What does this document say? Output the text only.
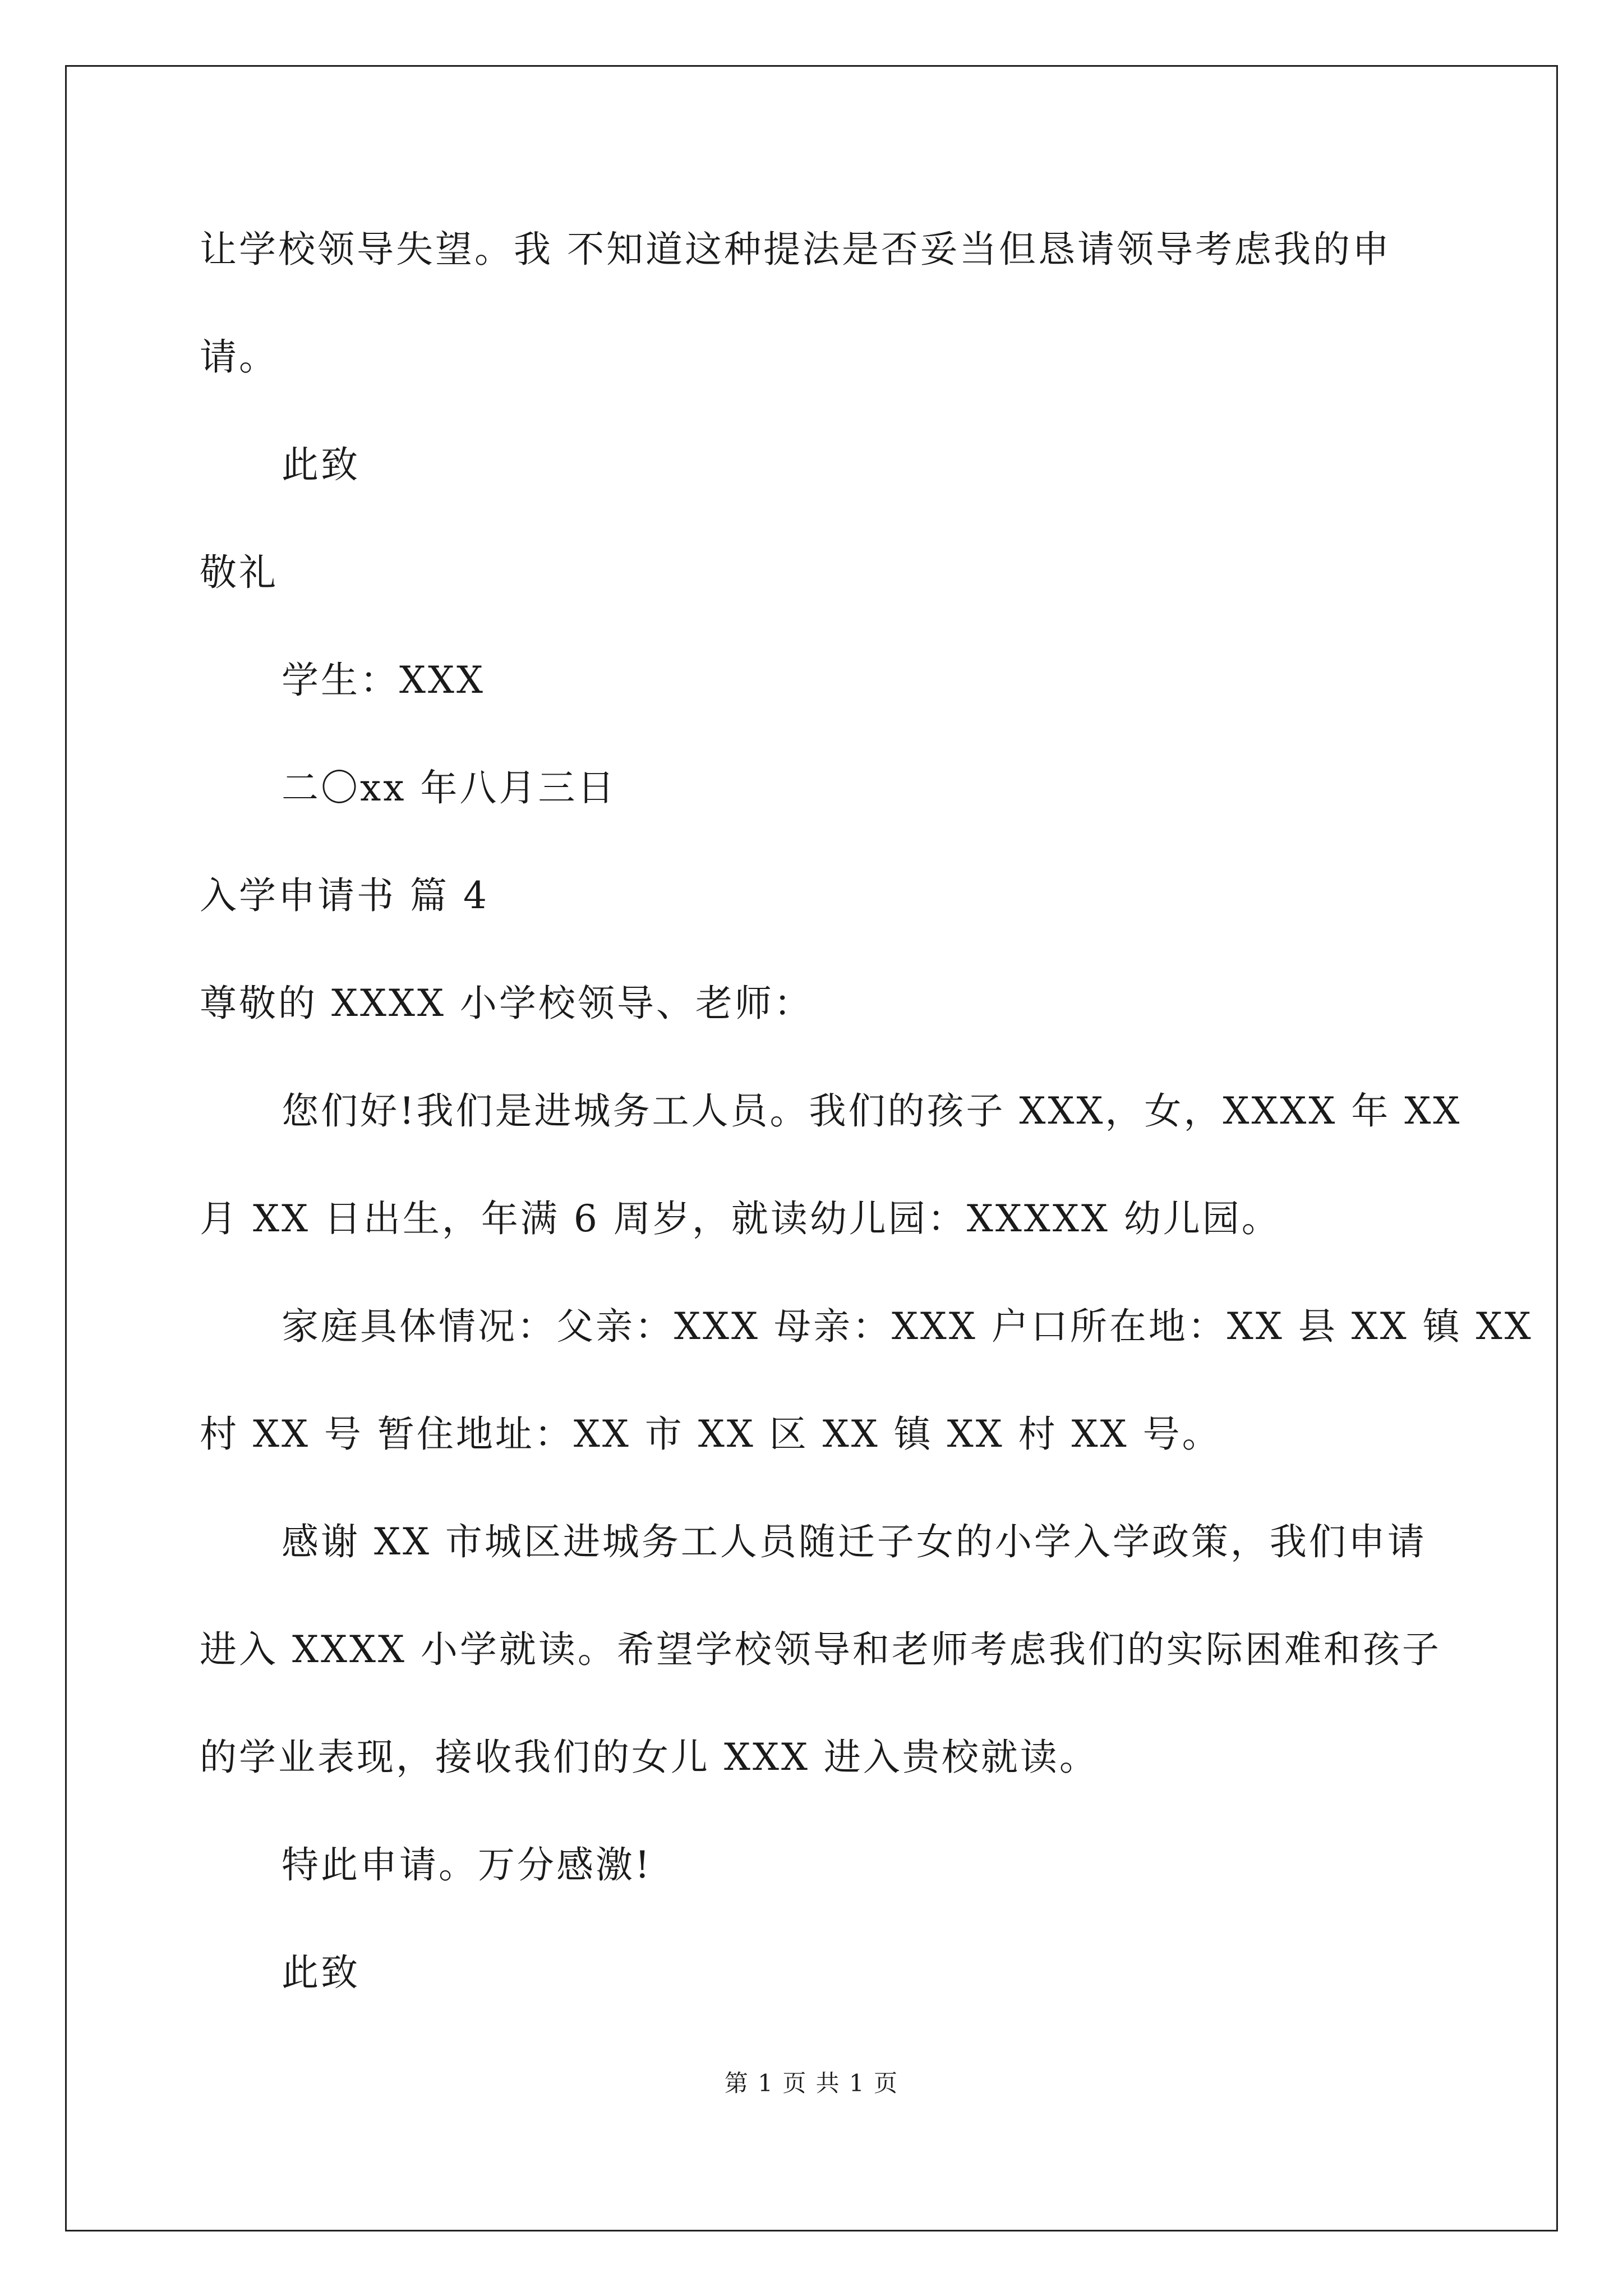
让学校领导失望。我 不知道这种提法是否妥当但恳请领导考虑我的申
请。
此致
敬礼
学生：XXX
二〇xx 年八月三日
入学申请书 篇 4
尊敬的 XXXX 小学校领导、老师：
您们好!我们是进城务工人员。我们的孩子 XXX，女，XXXX 年 XX
月 XX 日出生，年满 6 周岁，就读幼儿园：XXXXX 幼儿园。
家庭具体情况：父亲：XXX 母亲：XXX 户口所在地：XX 县 XX 镇 XX
村 XX 号 暂住地址：XX 市 XX 区 XX 镇 XX 村 XX 号。
感谢 XX 市城区进城务工人员随迁子女的小学入学政策，我们申请
进入 XXXX 小学就读。希望学校领导和老师考虑我们的实际困难和孩子
的学业表现，接收我们的女儿 XXX 进入贵校就读。
特此申请。万分感激!
此致
第 1 页 共 1 页
